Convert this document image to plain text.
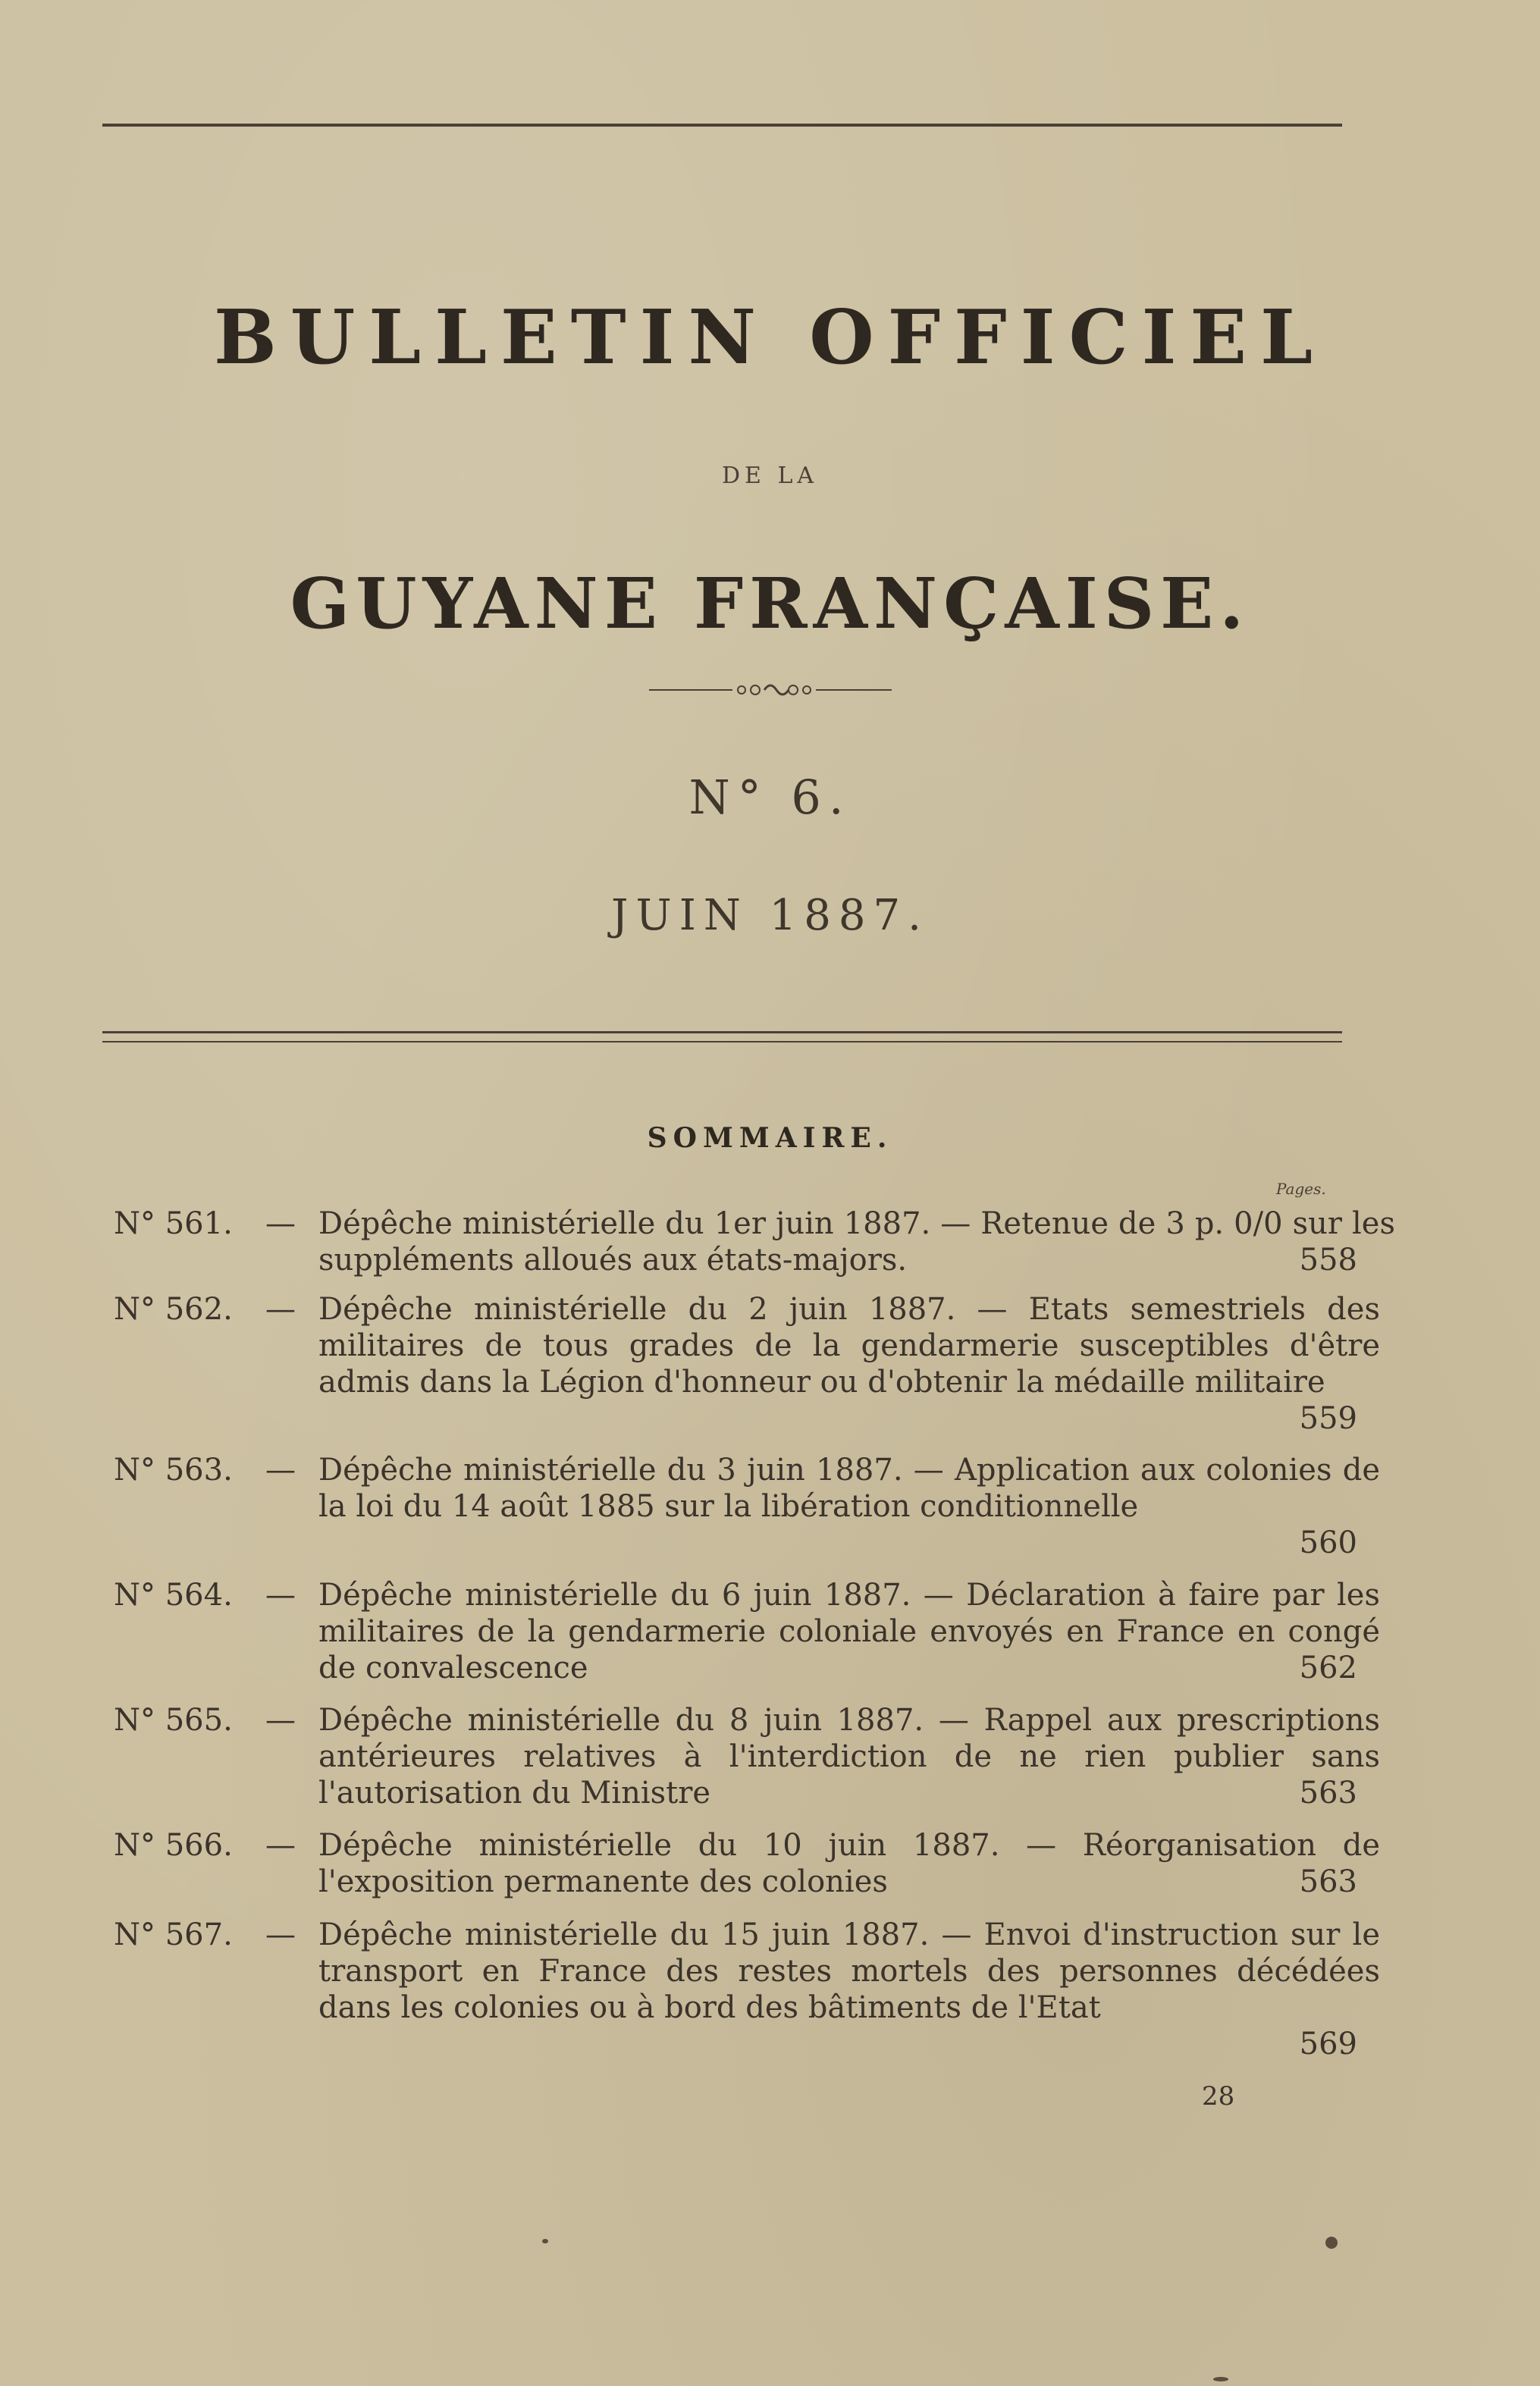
BULLETIN OFFICIEL
DE LA
GUYANE FRANÇAISE.
N° 6.
JUIN 1887.
SOMMAIRE.
Pages.
N° 561.	— Dépêche ministérielle du 1er juin 1887. — Retenue de 3 p. 0/0 sur les suppléments alloués aux états-majors.	558
N° 562.	— Dépêche ministérielle du 2 juin 1887. — Etats semestriels des militaires de tous grades de la gendarmerie susceptibles d'être admis dans la Légion d'honneur ou d'obtenir la médaille militaire
559
N° 563.	— Dépêche ministérielle du 3 juin 1887. — Application aux colonies de la loi du 14 août 1885 sur la libération conditionnelle
560
N° 564.	— Dépêche ministérielle du 6 juin 1887. — Déclaration à faire par les militaires de la gendarmerie coloniale envoyés en France en congé de convalescence	562
N° 565.	— Dépêche ministérielle du 8 juin 1887. — Rappel aux prescriptions antérieures relatives à l'interdiction de ne rien publier sans l'autorisation du Ministre	563
N° 566.	— Dépêche ministérielle du 10 juin 1887. — Réorganisation de l'exposition permanente des colonies	563
N° 567.	— Dépêche ministérielle du 15 juin 1887. — Envoi d'instruction sur le transport en France des restes mortels des personnes décédées dans les colonies ou à bord des bâtiments de l'Etat
569
28
